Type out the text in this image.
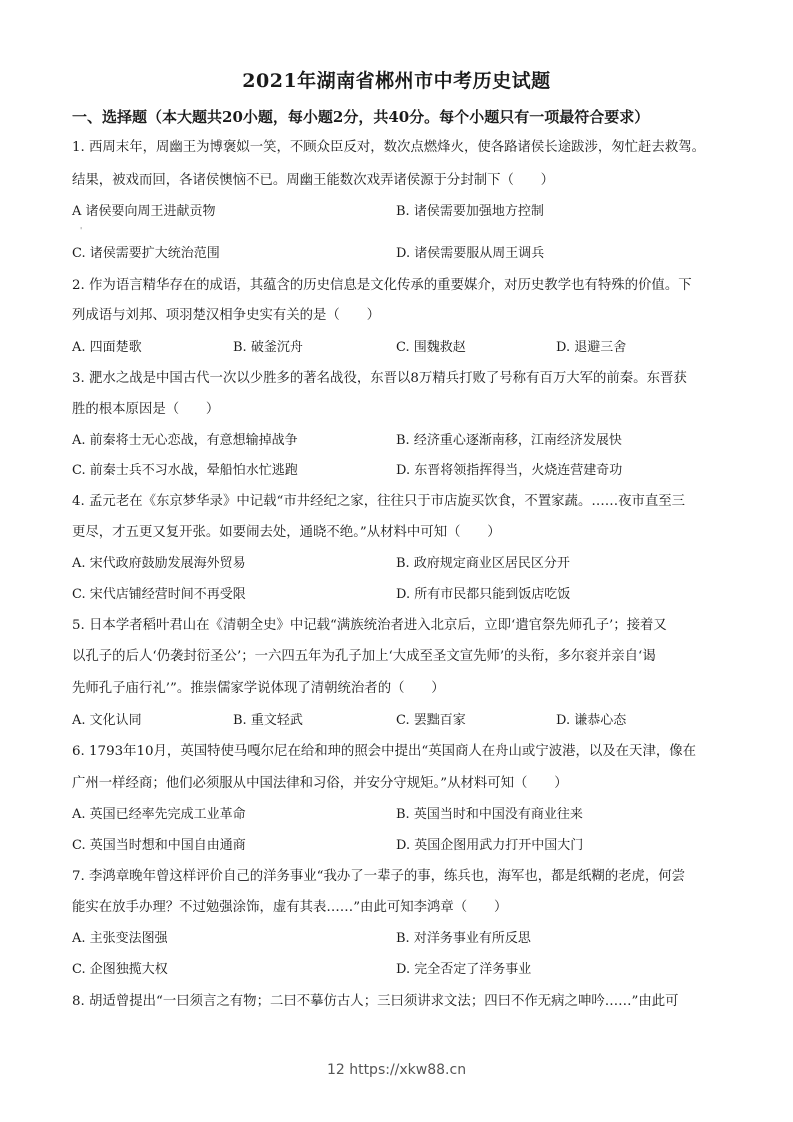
2021年湖南省郴州市中考历史试题
一、选择题（本大题共20小题，每小题2分，共40分。每个小题只有一项最符合要求）
1. 西周末年，周幽王为博褒姒一笑，不顾众臣反对，数次点燃烽火，使各路诸侯长途跋涉，匆忙赶去救驾。
结果，被戏而回，各诸侯懊恼不已。周幽王能数次戏弄诸侯源于分封制下（　　）
A 诸侯要向周王进献贡物	B. 诸侯需要加强地方控制
'
C. 诸侯需要扩大统治范围	D. 诸侯需要服从周王调兵
2. 作为语言精华存在的成语，其蕴含的历史信息是文化传承的重要媒介，对历史教学也有特殊的价值。下
列成语与刘邦、项羽楚汉相争史实有关的是（　　）
A. 四面楚歌	B. 破釜沉舟	C. 围魏救赵	D. 退避三舍
3. 淝水之战是中国古代一次以少胜多的著名战役，东晋以8万精兵打败了号称有百万大军的前秦。东晋获
胜的根本原因是（　　）
A. 前秦将士无心恋战，有意想输掉战争	B. 经济重心逐渐南移，江南经济发展快
C. 前秦士兵不习水战，晕船怕水忙逃跑	D. 东晋将领指挥得当，火烧连营建奇功
4. 孟元老在《东京梦华录》中记载“市井经纪之家，往往只于市店旋买饮食，不置家蔬。……夜市直至三
更尽，才五更又复开张。如要闹去处，通晓不绝。”从材料中可知（　　）
A. 宋代政府鼓励发展海外贸易	B. 政府规定商业区居民区分开
C. 宋代店铺经营时间不再受限	D. 所有市民都只能到饭店吃饭
5. 日本学者稻叶君山在《清朝全史》中记载“满族统治者进入北京后，立即‘遣官祭先师孔子’；接着又
以孔子的后人‘仍袭封衍圣公’；一六四五年为孔子加上‘大成至圣文宣先师’的头衔，多尔衮并亲自‘谒
先师孔子庙行礼’”。推崇儒家学说体现了清朝统治者的（　　）
A. 文化认同	B. 重文轻武	C. 罢黜百家	D. 谦恭心态
6. 1793年10月，英国特使马嘎尔尼在给和珅的照会中提出“英国商人在舟山或宁波港，以及在天津，像在
广州一样经商；他们必须服从中国法律和习俗，并安分守规矩。”从材料可知（　　）
A. 英国已经率先完成工业革命	B. 英国当时和中国没有商业往来
C. 英国当时想和中国自由通商	D. 英国企图用武力打开中国大门
7. 李鸿章晚年曾这样评价自己的洋务事业“我办了一辈子的事，练兵也，海军也，都是纸糊的老虎，何尝
能实在放手办理？不过勉强涂饰，虚有其表……”由此可知李鸿章（　　）
A. 主张变法图强	B. 对洋务事业有所反思
C. 企图独揽大权	D. 完全否定了洋务事业
8. 胡适曾提出“一曰须言之有物；二曰不摹仿古人；三曰须讲求文法；四曰不作无病之呻吟……”由此可
12 https://xkw88.cn
